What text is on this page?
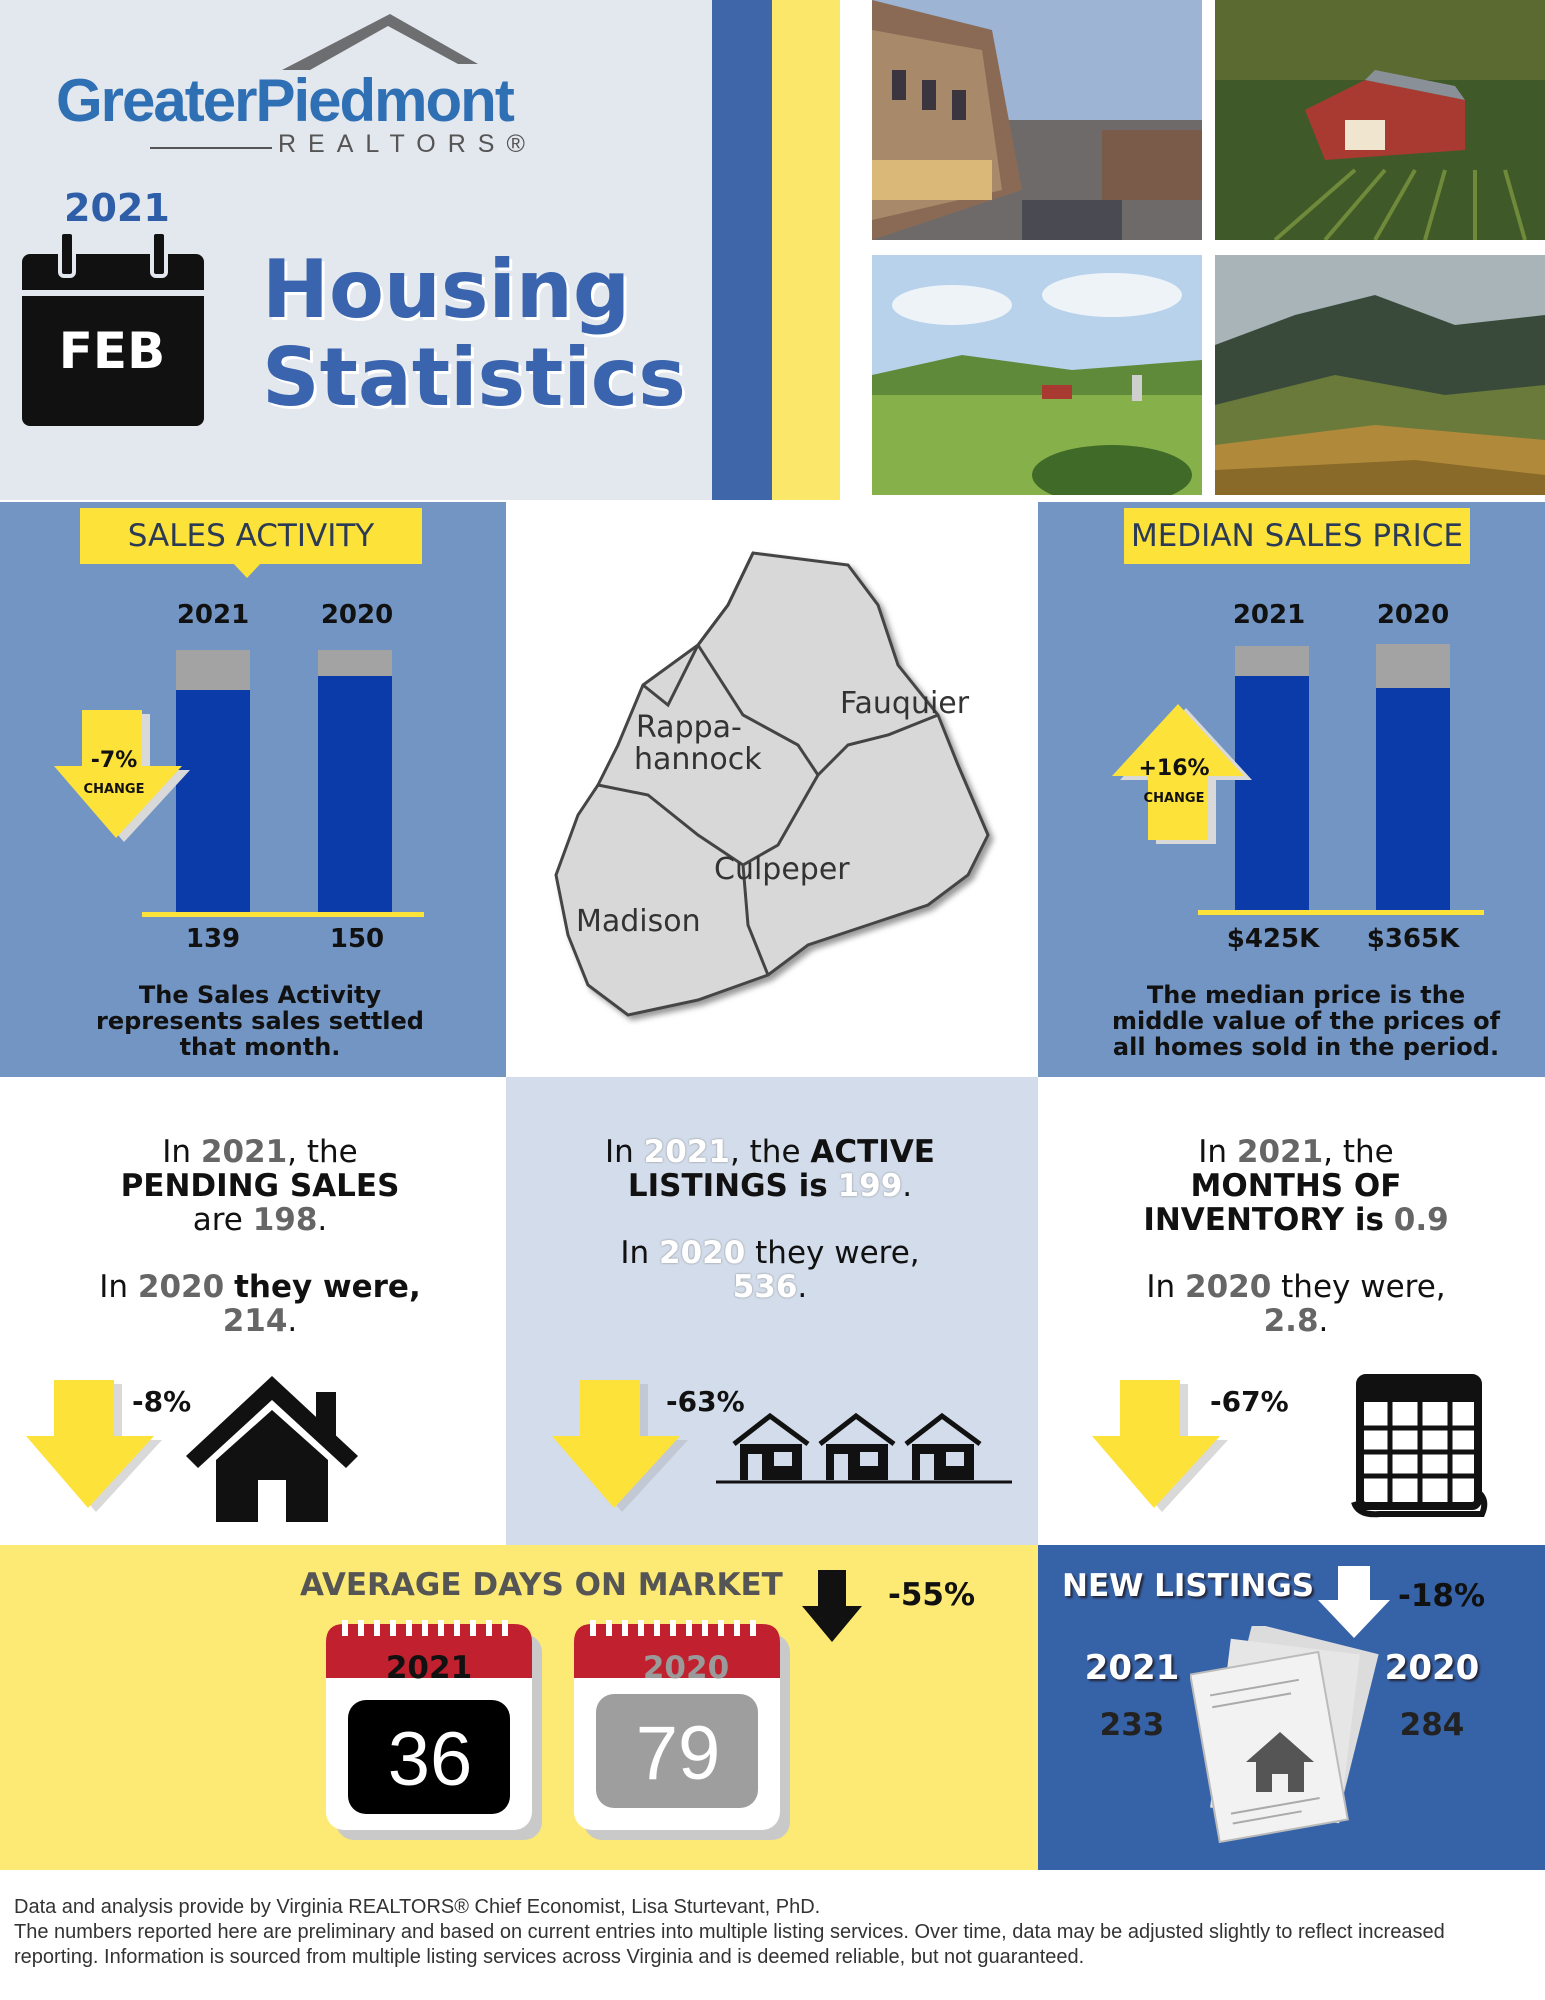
GreaterPiedmont
REALTORS®
2021
FEB
Housing
Statistics
SALES ACTIVITY
2021	2020
-7%
CHANGE
139	150
The Sales Activity represents sales settled that month.
Fauquier
Rappa-
hannock
Culpeper
Madison
MEDIAN SALES PRICE
2021	2020
+16%
CHANGE
$425K	$365K
The median price is the middle value of the prices of all homes sold in the period.
In 2021, the
PENDING SALES
are 198.
In 2020 they were,
214.
-8%
In 2021, the ACTIVE
LISTINGS is 199.
In 2020 they were,
536.
-63%
In 2021, the
MONTHS OF
INVENTORY is 0.9
In 2020 they were,
2.8.
-67%
AVERAGE DAYS ON MARKET	-55%
2021
36
2020
79
NEW LISTINGS	-18%
2021	2020
233	284
Data and analysis provide by Virginia REALTORS® Chief Economist, Lisa Sturtevant, PhD.
The numbers reported here are preliminary and based on current entries into multiple listing services. Over time, data may be adjusted slightly to reflect increased
reporting. Information is sourced from multiple listing services across Virginia and is deemed reliable, but not guaranteed.
